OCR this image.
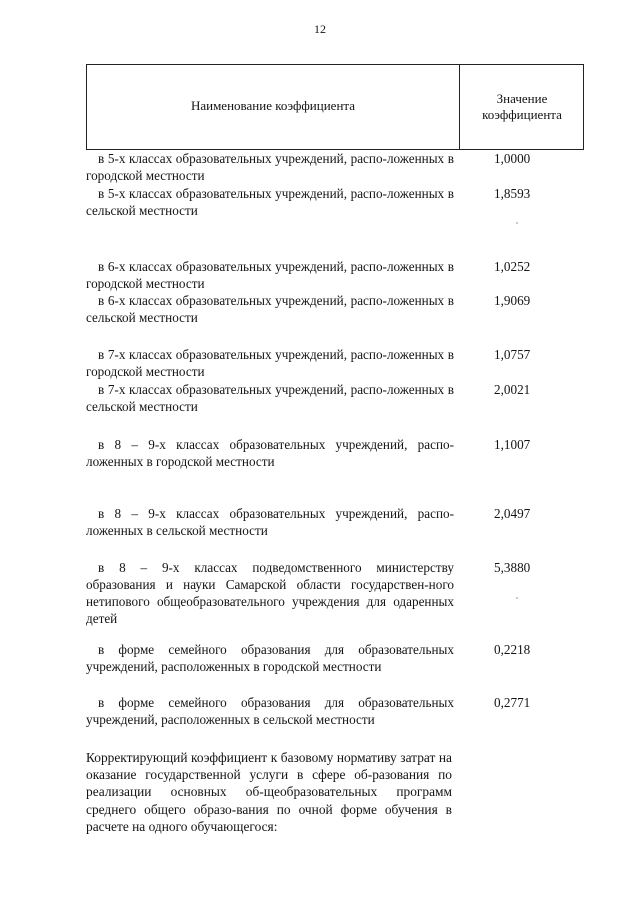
12
Наименование коэффициента	Значение коэффициента
в 5-х классах образовательных учреждений, распо-ложенных в городской местности
1,0000
в 5-х классах образовательных учреждений, распо-ложенных в сельской местности
1,8593
в 6-х классах образовательных учреждений, распо-ложенных в городской местности
1,0252
в 6-х классах образовательных учреждений, распо-ложенных в сельской местности
1,9069
в 7-х классах образовательных учреждений, распо-ложенных в городской местности
1,0757
в 7-х классах образовательных учреждений, распо-ложенных в сельской местности
2,0021
в 8 – 9-х классах образовательных учреждений, распо-ложенных в городской местности
1,1007
в 8 – 9-х классах образовательных учреждений, распо-ложенных в сельской местности
2,0497
в 8 – 9-х классах подведомственного министерству образования и науки Самарской области государствен-ного нетипового общеобразовательного учреждения для одаренных детей
5,3880
в форме семейного образования для образовательных учреждений, расположенных в городской местности
0,2218
в форме семейного образования для образовательных учреждений, расположенных в сельской местности
0,2771
Корректирующий коэффициент к базовому нормативу затрат на оказание государственной услуги в сфере об-разования по реализации основных об-щеобразовательных программ среднего общего образо-вания по очной форме обучения в расчете на одного обучающегося:
